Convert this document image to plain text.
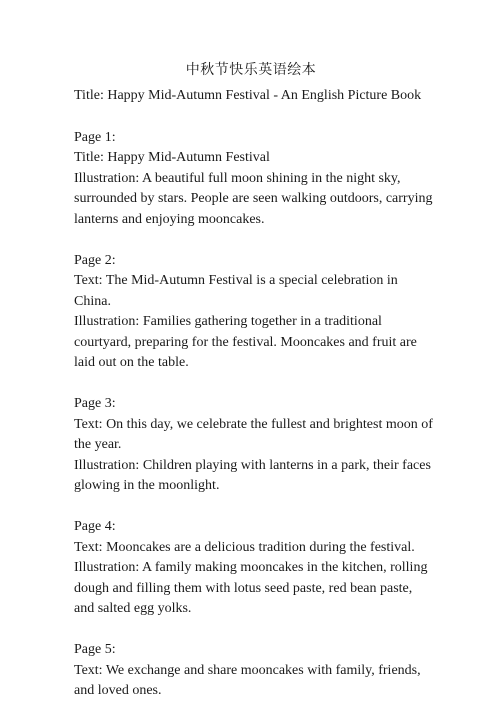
中秋节快乐英语绘本

Title: Happy Mid-Autumn Festival - An English Picture Book

Page 1:

Title: Happy Mid-Autumn Festival

Illustration: A beautiful full moon shining in the night sky, surrounded by stars. People are seen walking outdoors, carrying lanterns and enjoying mooncakes.

Page 2:

Text: The Mid-Autumn Festival is a special celebration in China.

Illustration: Families gathering together in a traditional courtyard, preparing for the festival. Mooncakes and fruit are laid out on the table.

Page 3:

Text: On this day, we celebrate the fullest and brightest moon of the year.

Illustration: Children playing with lanterns in a park, their faces glowing in the moonlight.

Page 4:

Text: Mooncakes are a delicious tradition during the festival.

Illustration: A family making mooncakes in the kitchen, rolling dough and filling them with lotus seed paste, red bean paste, and salted egg yolks.

Page 5:

Text: We exchange and share mooncakes with family, friends, and loved ones.
